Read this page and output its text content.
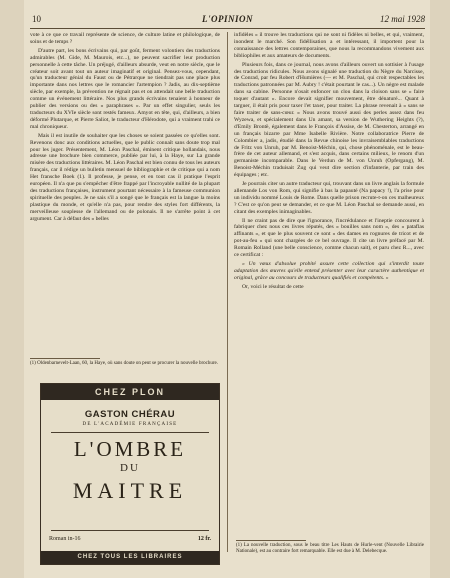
10	L'OPINION	12 mai 1928

vote à ce que ce travail représente de science, de culture latine et philologique, de soins et de temps ?

D'autre part, les bons écrivains qui, par goût, ferment volontiers des traductions admirables (M. Gide, M. Maurois, etc...), ne peuvent sacrifier leur production personnelle à cette tâche. Un préjugé, d'ailleurs absurde, veut en notre siècle, que le créateur soit avant tout un auteur imaginatif et original. Pensez-vous, cependant, qu'un traducteur génial du Faust ou de Pétrarque ne tiendrait pas une place plus importante dans nos lettres que le romancier l'artempion ? Jadis, au dix-septième siècle, par exemple, la prévention ne régnait pas et on attendait une belle traduction comme un événement littéraire. Nos plus grands écrivains tenaient à honneur de publier des versions ou des « paraphrases ». Par un effet singulier, seuls les traducteurs du XVIe siècle sont restés fameux. Amyot en tête, qui, d'ailleurs, a bien déformé Plutarque, et Pierre Saliot, le traducteur d'Hérodote, qui a vraiment trahi ce mal chroniqueur.

Mais il est inutile de souhaiter que les choses se soient passées ce qu'elles sont. Revenons donc aux conditions actuelles, que le public connaît sans doute trop mal pour les juger. Présentement, M. Léon Paschal, éminent critique hollandais, nous adresse une brochure bien commerce, publiée par lui, à la Haye, sur La grande misère des traductions littéraires. M. Léon Paschal est bien connu de tous les auteurs français, car il rédige un bulletin mensuel de bibliographie et de critique qui a nom Het fransche Boek (1). Il professe, je pense, et en tout cas il pratique l'esprit européen. Il n'a que pu s'empêcher d'être frappé par l'incroyable nullité de la plupart des traductions françaises, instrument pourtant nécessaire à la fameuse communion spirituelle des peuples. Je ne sais s'il a songé que le français est la langue la moins plastique du monde, et qu'elle n'a pas, pour rendre des styles fort différents, la merveilleuse souplesse de l'allemand ou de polonais. Il ne s'arrête point à cet argument. Car à défaut des « belles

(1) Oldenbarnevelt-Laan, 60, la Haye, où sans doute on peut se procurer la nouvelle brochure.
CHEZ PLON
GASTON CHÉRAU
DE L'ACADÉMIE FRANÇAISE
L'OMBRE
DU
MAITRE
Roman in-16	12 fr.
CHEZ TOUS LES LIBRAIRES

infidèles » il trouve les traductions qui ne sont ni fidèles ni belles, et qui, vraiment, inondent le marché. Son fidéllisation a et intéressant, il importent pour la connaissance des lettres contemporaines, que nous la recommandons vivement aux bibliophiles et aux amateurs de documents.

Plusieurs fois, dans ce journal, nous avons d'ailleurs ouvert un sottisier à l'usage des traductions ridicules. Nous avons signalé une traduction du Nègre du Narcisse, de Conrad, par feu Robert d'Humières (— et M. Paschal, qui croit respectables les traductions patronnées par M. Aubry ! c'était pourtant le cas...). Un nègre est malade dans sa cabine. Personne n'osait enfoncer un clou dans la cloison sans se « faire toquer d'autant ». Encore devait signifier mouvement, être dénaturé... Quant à targuer, il était pris pour taxer l'et taxer, pour traiter. La phrase revenait à « sans se faire traiter de sans-cœur. » Nous avons trouvé aussi des perles assez dans feu Wyzewa, et spécialement dans Un amant, sa version de Wuthering Heights (?), d'Emily Brontë, également dans le François d'Assise, de M. Chesterton, arrangé en un français bizarre par Mme Isabelle Rivière. Notre collaboratrice Pierre de Colombier a, jadis, étudié dans la Revue chinoise les invraisemblables traductions de Fritz von Unruh, par M. Benoist-Méchin, qui, chose phénoménale, est le beau-frère de cet auteur allemand, et s'est acquis, dans certains milieux, le renom d'un germaniste incomparable. Dans le Verdun de M. von Unruh (Opfergang), M. Benoist-Méchin traduisait Zug qui veut dire section d'infanterie, par train des équipages ; etc.

Je pourrais citer un autre traducteur qui, trouvant dans un livre anglais la formule allemande Los von Rom, qui signifie à bas la papauté (Na papacy !), l'a prise pour un individu nommé Louis de Rome. Dans quelle prison recrute-t-on ces malheureux ? C'est ce qu'on peut se demander, et ce que M. Léon Paschal se demande aussi, en citant des exemples inimaginables.

Il ne craint pas de dire que l'ignorance, l'incrédulance et l'ineptie concourent à fabriquer chez nous ces livres réputés, des « bouilles sans nom », des « pataflas affinants », et que le plus souvent ce sont « des dames en rognures de tricot et de pot-au-feu » qui sont chargées de ce bel ouvrage. Il cite un livre préfacé par M. Romain Rolland (une belle conscience, comme chacun sait), et paru chez R..., avec ce certificat :

« Un vœux d'absolue probité assure cette collection qui s'interdit toute adaptation des œuvres qu'elle entend présenter avec leur caractère authentique et original, grâce au concours de traducteurs qualifiés et compétents. »

Or, voici le résultat de cette

(1) La nouvelle traduction, sous le beau titre Les Hauts de Hurle-vent (Nouvelle Librairie Nationale), est au contraire fort remarquable. Elle est due à M. Delebecque.
